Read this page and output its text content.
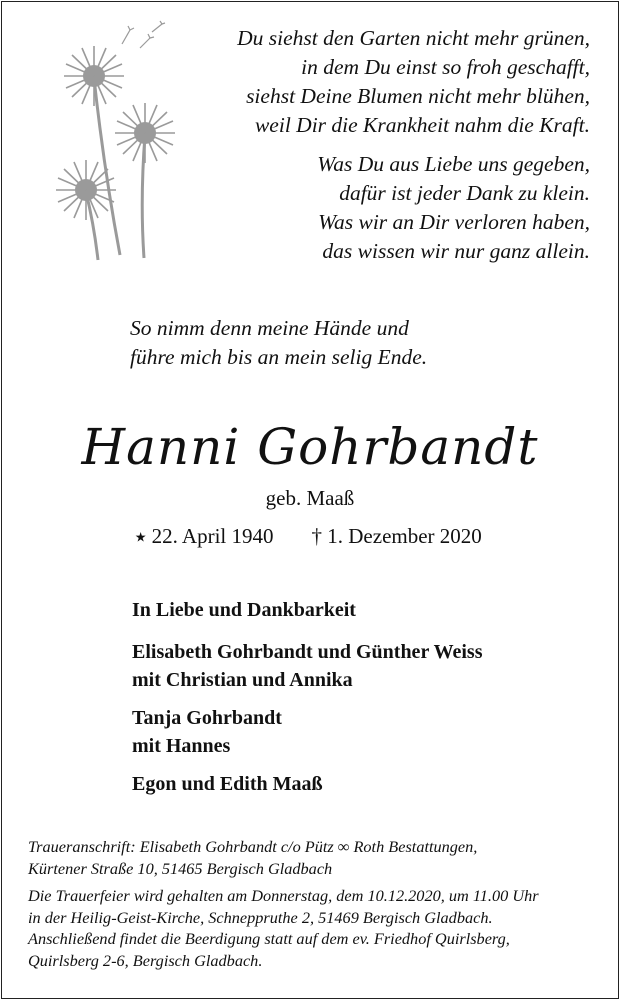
Du siehst den Garten nicht mehr grünen,
in dem Du einst so froh geschafft,
siehst Deine Blumen nicht mehr blühen,
weil Dir die Krankheit nahm die Kraft.
Was Du aus Liebe uns gegeben,
dafür ist jeder Dank zu klein.
Was wir an Dir verloren haben,
das wissen wir nur ganz allein.
So nimm denn meine Hände und
führe mich bis an mein selig Ende.
Hanni Gohrbandt
geb. Maaß
⭑ 22. April 1940 † 1. Dezember 2020
In Liebe und Dankbarkeit
Elisabeth Gohrbandt und Günther Weiss
mit Christian und Annika
Tanja Gohrbandt
mit Hannes
Egon und Edith Maaß
Traueranschrift: Elisabeth Gohrbandt c/o Pütz ∞ Roth Bestattungen,
Kürtener Straße 10, 51465 Bergisch Gladbach
Die Trauerfeier wird gehalten am Donnerstag, dem 10.12.2020, um 11.00 Uhr
in der Heilig-Geist-Kirche, Schneppruthe 2, 51469 Bergisch Gladbach.
Anschließend findet die Beerdigung statt auf dem ev. Friedhof Quirlsberg,
Quirlsberg 2-6, Bergisch Gladbach.
